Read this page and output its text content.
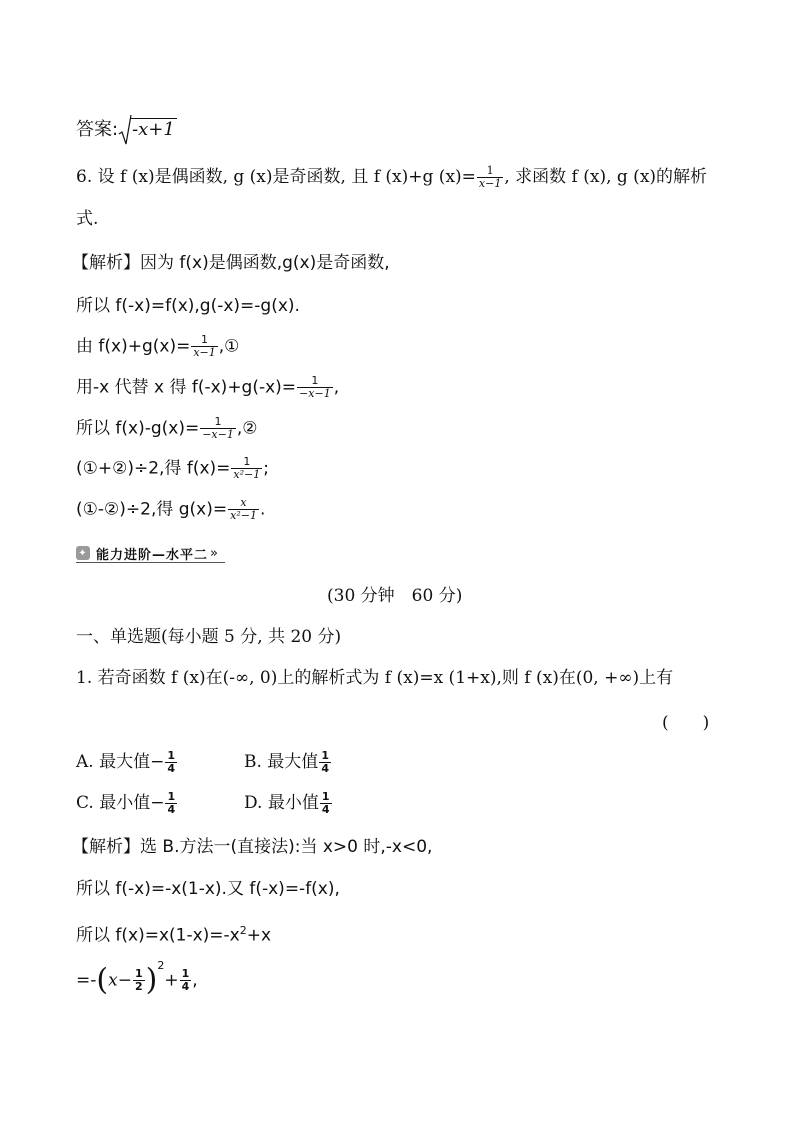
答案: -x+1
6. 设 f (x)是偶函数, g (x)是奇函数, 且 f (x)+g $(x)= \frac{1}{x-1}$ , 求函数 f (x), g (x)的解析
式.
【解析】因为 f(x)是偶函数,g(x)是奇函数,
所以 f(-x)=f(x),g(-x)=-g(x).
由 $f(x)+g(x)= \frac{1}{x-1}$ ,①
用-x 代替 x 得 $f(-x)+g(-x)= \frac{1}{-x-1}$ ,
所以 $f(x)-g(x)= \frac{1}{-x-1}$ ,②
(①+②)÷2,得 $f(x)= \frac{1}{\text{x²−1}}$ ;
(①-②)÷2,得 $g(x)= \frac{x}{\text{x²−1}}$ .
✦ 能力进阶—水平二 »
(30 分钟　60 分)
一、单选题(每小题 5 分, 共 20 分)
1. 若奇函数 f (x)在(-∞, 0)上的解析式为 f (x)=x (1+x),则 f (x)在(0, +∞)上有
(　　)
A. 最大值− $\frac{1}{4}$	B. 最大值 $\frac{1}{4}$
C. 最小值− $\frac{1}{4}$	D. 最小值 $\frac{1}{4}$
【解析】选 B.方法一(直接法):当 x>0 时,-x<0,
所以 f(-x)=-x(1-x).又 f(-x)=-f(x),
所以 $f(x)=x(1-x)=-x^2+x$
$=-(x- \frac{1}{2} )^2+ \frac{1}{4}$ ,
